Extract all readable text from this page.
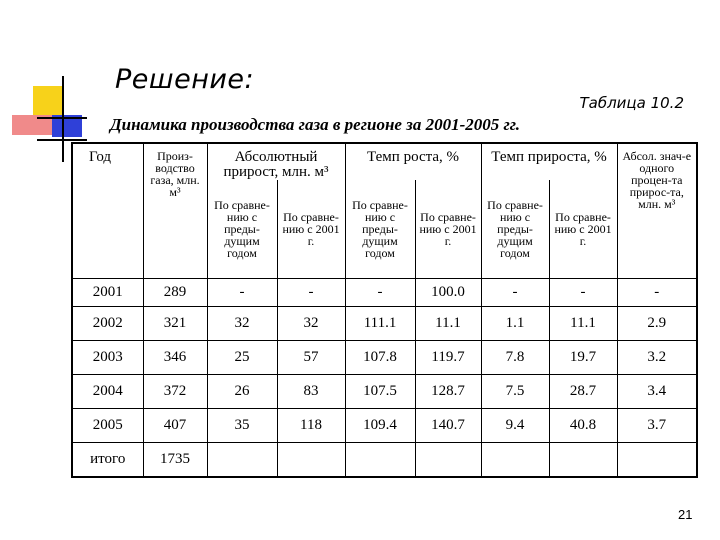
Решение:
Таблица 10.2
Динамика производства газа в регионе за 2001-2005 гг.
Год	Произ-водство газа, млн. м³	Абсолютный прирост, млн. м³		Темп роста, %		Темп прироста, %		Абсол. знач-е одного процен-та прирос-та, млн. м³
		По сравне-нию с преды-дущим годом	По сравне-нию с 2001 г.	По сравне-нию с преды-дущим годом	По сравне-нию с 2001 г.	По сравне-нию с преды-дущим годом	По сравне-нию с 2001 г.	
2001	289	-	-	-	100.0	-	-	-
2002	321	32	32	111.1	11.1	1.1	11.1	2.9
2003	346	25	57	107.8	119.7	7.8	19.7	3.2
2004	372	26	83	107.5	128.7	7.5	28.7	3.4
2005	407	35	118	109.4	140.7	9.4	40.8	3.7
итого	1735							
21
